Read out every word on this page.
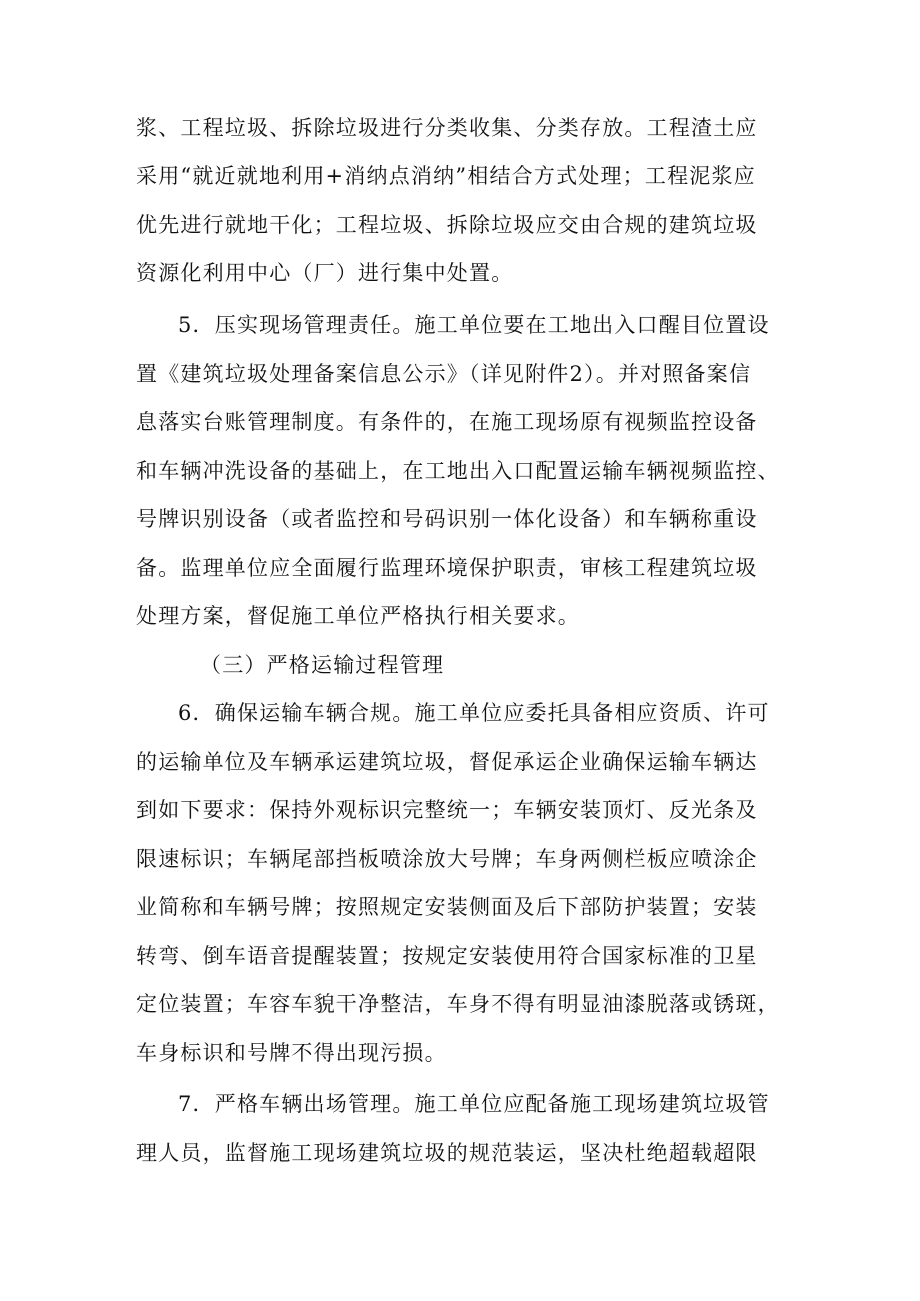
浆、工程垃圾、拆除垃圾进行分类收集、分类存放。工程渣土应
采用“就近就地利用+消纳点消纳”相结合方式处理；工程泥浆应
优先进行就地干化；工程垃圾、拆除垃圾应交由合规的建筑垃圾
资源化利用中心（厂）进行集中处置。
5．压实现场管理责任。施工单位要在工地出入口醒目位置设
置《建筑垃圾处理备案信息公示》（详见附件2）。并对照备案信
息落实台账管理制度。有条件的，在施工现场原有视频监控设备
和车辆冲洗设备的基础上，在工地出入口配置运输车辆视频监控、
号牌识别设备（或者监控和号码识别一体化设备）和车辆称重设
备。监理单位应全面履行监理环境保护职责，审核工程建筑垃圾
处理方案，督促施工单位严格执行相关要求。
（三）严格运输过程管理
6．确保运输车辆合规。施工单位应委托具备相应资质、许可
的运输单位及车辆承运建筑垃圾，督促承运企业确保运输车辆达
到如下要求：保持外观标识完整统一；车辆安装顶灯、反光条及
限速标识；车辆尾部挡板喷涂放大号牌；车身两侧栏板应喷涂企
业简称和车辆号牌；按照规定安装侧面及后下部防护装置；安装
转弯、倒车语音提醒装置；按规定安装使用符合国家标准的卫星
定位装置；车容车貌干净整洁，车身不得有明显油漆脱落或锈斑，
车身标识和号牌不得出现污损。
7．严格车辆出场管理。施工单位应配备施工现场建筑垃圾管
理人员，监督施工现场建筑垃圾的规范装运，坚决杜绝超载超限
